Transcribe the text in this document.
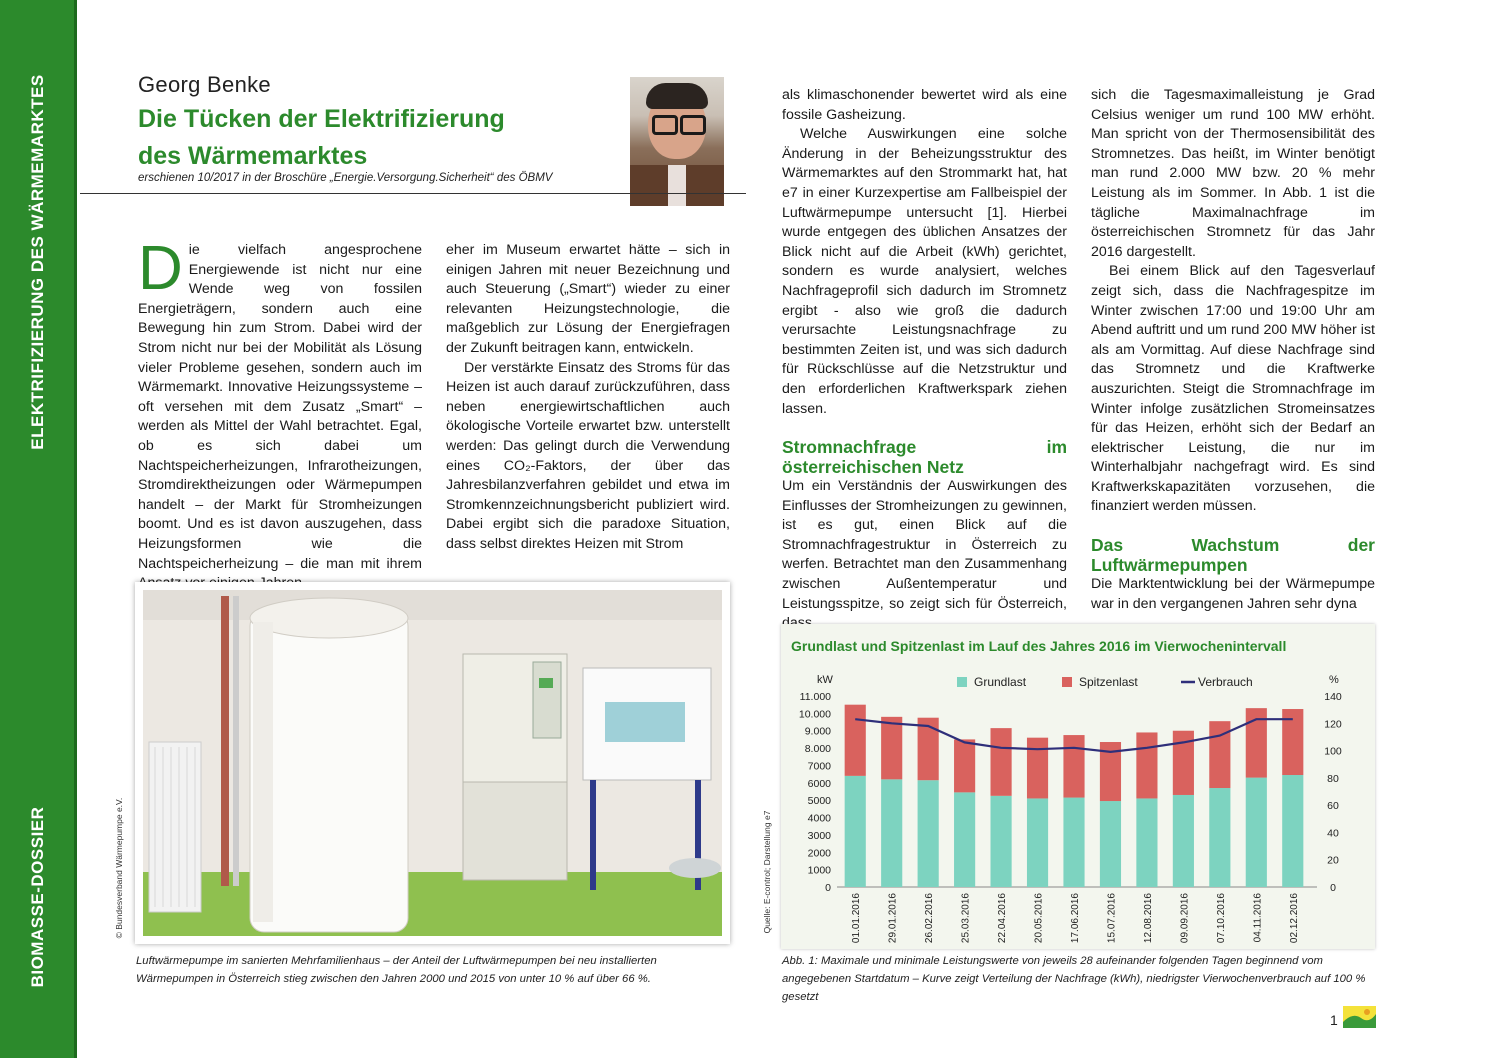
ELEKTRIFIZIERUNG DES WÄRMEMARKTES
BIOMASSE-DOSSIER
Georg Benke
Die Tücken der Elektrifizierung
des Wärmemarktes
erschienen 10/2017 in der Broschüre „Energie.Versorgung.Sicherheit“ des ÖBMV

Die vielfach angesprochene Energiewende ist nicht nur eine Wende weg von fossilen Energieträgern, sondern auch eine Bewegung hin zum Strom. Dabei wird der Strom nicht nur bei der Mobilität als Lösung vieler Probleme gesehen, sondern auch im Wärmemarkt. Innovative Heizungssysteme – oft versehen mit dem Zusatz „Smart“ – werden als Mittel der Wahl betrachtet. Egal, ob es sich dabei um Nachtspeicherheizungen, Infrarotheizungen, Stromdirektheizungen oder Wärmepumpen handelt – der Markt für Stromheizungen boomt. Und es ist davon auszugehen, dass Heizungsformen wie die Nachtspeicherheizung – die man mit ihrem

eher im Museum erwartet hätte – sich in einigen Jahren mit neuer Bezeichnung und auch Steuerung („Smart“) wieder zu einer relevanten Heizungstechnologie, die maßgeblich zur Lösung der Energiefragen der Zukunft beitragen kann, entwickeln.

Der verstärkte Einsatz des Stroms für das Heizen ist auch darauf zurückzuführen, dass neben energiewirtschaftlichen auch ökologische Vorteile erwartet bzw. unterstellt werden: Das gelingt durch die Verwendung eines CO₂-Faktors, der über das Jahresbilanzverfahren gebildet und etwa im Stromkennzeichnungsbericht publiziert wird. Dabei ergibt sich die paradoxe Situation, dass selbst direktes Heizen mit Strom

als klimaschonender bewertet wird als eine fossile Gasheizung.

Welche Auswirkungen eine solche Änderung in der Beheizungsstruktur des Wärmemarktes auf den Strommarkt hat, hat e7 in einer Kurzexpertise am Fallbeispiel der Luftwärmepumpe untersucht [1]. Hierbei wurde entgegen des üblichen Ansatzes der Blick nicht auf die Arbeit (kWh) gerichtet, sondern es wurde analysiert, welches Nachfrageprofil sich dadurch im Stromnetz ergibt - also wie groß die dadurch verursachte Leistungsnachfrage zu bestimmten Zeiten ist, und was sich dadurch für Rückschlüsse auf die Netzstruktur und den erforderlichen Kraftwerkspark ziehen lassen.

Stromnachfrage im österreichischen Netz

Um ein Verständnis der Auswirkungen des Einflusses der Stromheizungen zu gewinnen, ist es gut, einen Blick auf die Stromnachfragestruktur in Österreich zu werfen. Betrachtet man den Zusammenhang zwischen Außentemperatur und Leistungsspitze, so zeigt sich für Österreich,

sich die Tagesmaximalleistung je Grad Celsius weniger um rund 100 MW erhöht. Man spricht von der Thermosensibilität des Stromnetzes. Das heißt, im Winter benötigt man rund 2.000 MW bzw. 20 % mehr Leistung als im Sommer. In Abb. 1 ist die tägliche Maximalnachfrage im österreichischen Stromnetz für das Jahr 2016 dargestellt.

Bei einem Blick auf den Tagesverlauf zeigt sich, dass die Nachfragespitze im Winter zwischen 17:00 und 19:00 Uhr am Abend auftritt und um rund 200 MW höher ist als am Vormittag. Auf diese Nachfrage sind das Stromnetz und die Kraftwerke auszurichten. Steigt die Stromnachfrage im Winter infolge zusätzlichen Stromeinsatzes für das Heizen, erhöht sich der Bedarf an elektrischer Leistung, die nur im Winterhalbjahr nachgefragt wird. Es sind Kraftwerkskapazitäten vorzusehen, die finanziert werden müssen.

Das Wachstum der Luftwärmepumpen

Die Marktentwicklung bei der Wärmepumpe war in den vergangenen Jahren sehr dyna

© Bundesverband Wärmepumpe e.V.
Luftwärmepumpe im sanierten Mehrfamilienhaus – der Anteil der Luftwärmepumpen bei neu installierten Wärmepumpen in Österreich stieg zwischen den Jahren 2000 und 2015 von unter 10 % auf über 66 %.
Grundlast und Spitzenlast im Lauf des Jahres 2016 im Vierwochenintervall
kW	%
Grundlast	Spitzenlast	Verbrauch
0
1000
2000
3000
4000
5000
6000
7000
8.000
9.000
10.000
11.000
0
20
40
60
80
100
120
140
01.01.2016	29.01.2016	26.02.2016	25.03.2016	22.04.2016	20.05.2016	17.06.2016	15.07.2016	12.08.2016	09.09.2016	07.10.2016	04.11.2016	02.12.2016
Quelle: E-control; Darstellung e7
Abb. 1: Maximale und minimale Leistungswerte von jeweils 28 aufeinander folgenden Tagen beginnend vom angegebenen Startdatum – Kurve zeigt Verteilung der Nachfrage (kWh), niedrigster Vierwochenverbrauch auf 100 % gesetzt
1
